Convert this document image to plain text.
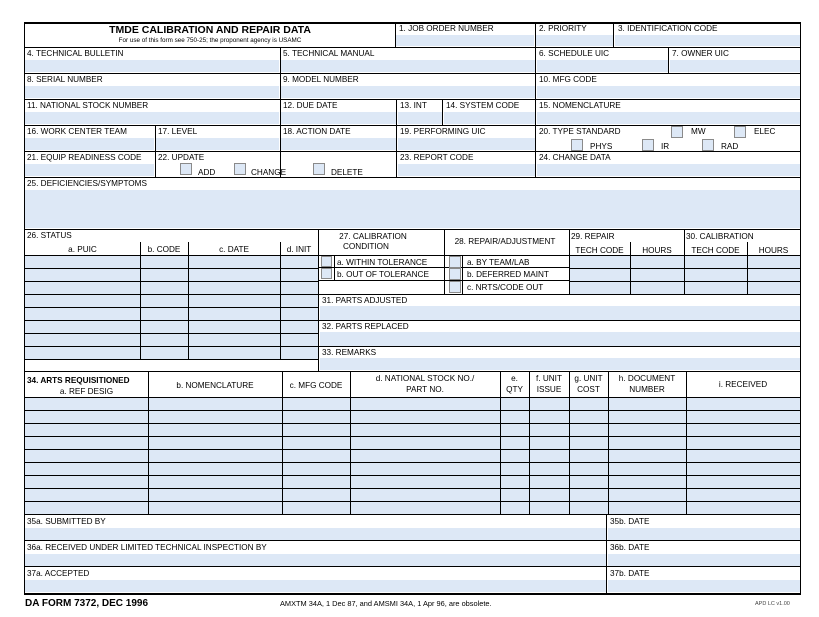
TMDE CALIBRATION AND REPAIR DATA
For use of this form see 750-25; the proponent agency is USAMC
1. JOB ORDER NUMBER	2. PRIORITY	3. IDENTIFICATION CODE
4. TECHNICAL BULLETIN	5. TECHNICAL MANUAL	6. SCHEDULE UIC	7. OWNER UIC
8. SERIAL NUMBER	9. MODEL NUMBER	10. MFG CODE
11. NATIONAL STOCK NUMBER	12. DUE DATE	13. INT 14. SYSTEM CODE 15. NOMENCLATURE
16. WORK CENTER TEAM	17. LEVEL	18. ACTION DATE	19. PERFORMING UIC	20. TYPE STANDARD	MW	ELEC
PHYS	IR	RAD
21. EQUIP READINESS CODE 22. UPDATE
ADD	CHANGE	DELETE
23. REPORT CODE	24. CHANGE DATA
25. DEFICIENCIES/SYMPTOMS
26. STATUS
a. PUIC	b. CODE	c. DATE	d. INIT
27. CALIBRATION
CONDITION
a. WITHIN TOLERANCE
b. OUT OF TOLERANCE
28. REPAIR/ADJUSTMENT
a. BY TEAM/LAB
b. DEFERRED MAINT
c. NRTS/CODE OUT
29. REPAIR
TECH CODE	HOURS
30. CALIBRATION
TECH CODE	HOURS
31. PARTS ADJUSTED
32. PARTS REPLACED
33. REMARKS
34. ARTS REQUISITIONED
a. REF DESIG
b. NOMENCLATURE	c. MFG CODE
d. NATIONAL STOCK NO./
PART NO.
e.
QTY
f. UNIT
ISSUE
g. UNIT
COST
h. DOCUMENT
NUMBER
i. RECEIVED
35a. SUBMITTED BY	35b. DATE
36a. RECEIVED UNDER LIMITED TECHNICAL INSPECTION BY	36b. DATE
37a. ACCEPTED	37b. DATE
DA FORM 7372, DEC 1996	AMXTM 34A, 1 Dec 87, and AMSMI 34A, 1 Apr 96, are obsolete.	APD LC v1.00
